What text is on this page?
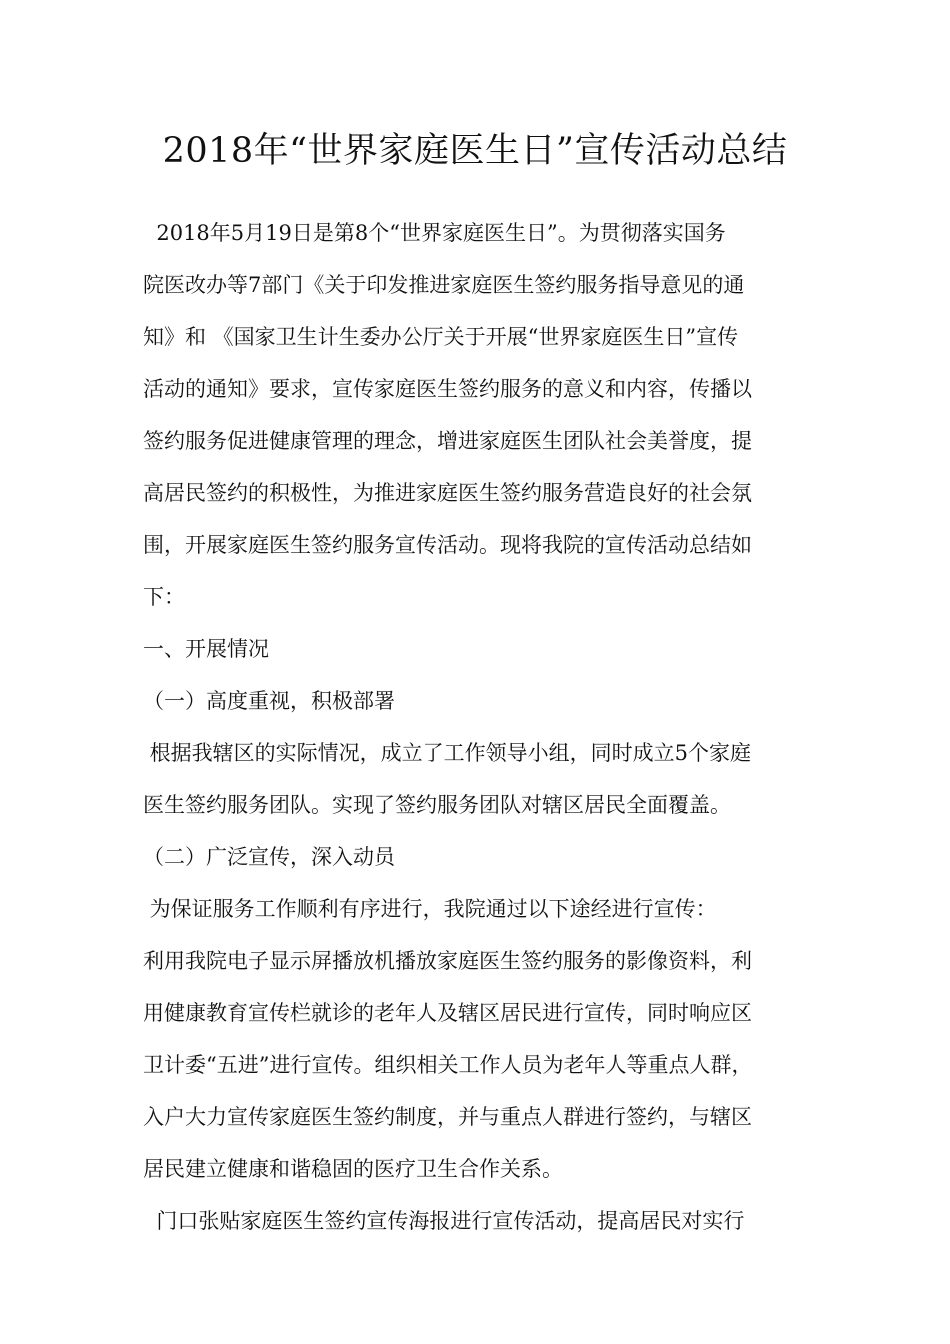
2018年“世界家庭医生日”宣传活动总结
2018年5月19日是第8个“世界家庭医生日”。为贯彻落实国务
院医改办等7部门《关于印发推进家庭医生签约服务指导意见的通
知》和 《国家卫生计生委办公厅关于开展“世界家庭医生日”宣传
活动的通知》要求，宣传家庭医生签约服务的意义和内容，传播以
签约服务促进健康管理的理念，增进家庭医生团队社会美誉度，提
高居民签约的积极性，为推进家庭医生签约服务营造良好的社会氛
围，开展家庭医生签约服务宣传活动。现将我院的宣传活动总结如
下：
一、开展情况
（一）高度重视，积极部署
根据我辖区的实际情况，成立了工作领导小组，同时成立5个家庭
医生签约服务团队。实现了签约服务团队对辖区居民全面覆盖。
（二）广泛宣传，深入动员
为保证服务工作顺利有序进行，我院通过以下途经进行宣传：
利用我院电子显示屏播放机播放家庭医生签约服务的影像资料，利
用健康教育宣传栏就诊的老年人及辖区居民进行宣传，同时响应区
卫计委“五进”进行宣传。组织相关工作人员为老年人等重点人群，
入户大力宣传家庭医生签约制度，并与重点人群进行签约，与辖区
居民建立健康和谐稳固的医疗卫生合作关系。
门口张贴家庭医生签约宣传海报进行宣传活动，提高居民对实行
